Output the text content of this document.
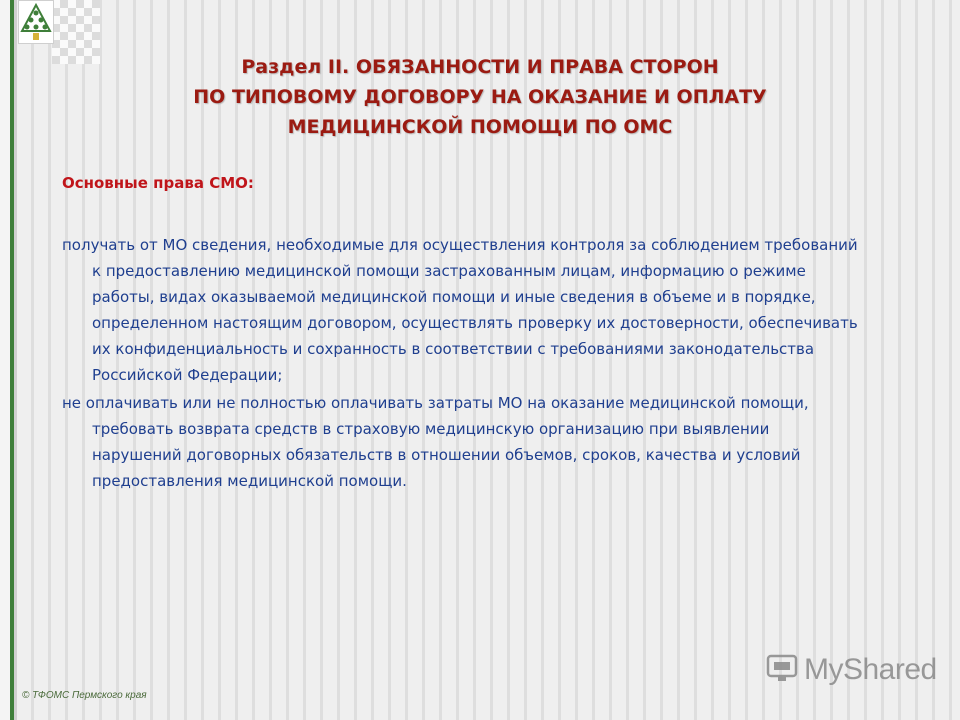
Раздел II. ОБЯЗАННОСТИ И ПРАВА СТОРОН
ПО ТИПОВОМУ ДОГОВОРУ НА ОКАЗАНИЕ И ОПЛАТУ
МЕДИЦИНСКОЙ ПОМОЩИ ПО ОМС

Основные права СМО:

получать от МО сведения, необходимые для осуществления контроля за соблюдением требований к предоставлению медицинской помощи застрахованным лицам, информацию о режиме работы, видах оказываемой медицинской помощи и иные сведения в объеме и в порядке, определенном настоящим договором, осуществлять проверку их достоверности, обеспечивать их конфиденциальность и сохранность в соответствии с требованиями законодательства Российской Федерации;

не оплачивать или не полностью оплачивать затраты МО на оказание медицинской помощи, требовать возврата средств в страховую медицинскую организацию при выявлении нарушений договорных обязательств в отношении объемов, сроков, качества и условий предоставления медицинской помощи.

© ТФОМС Пермского края
MyShared
